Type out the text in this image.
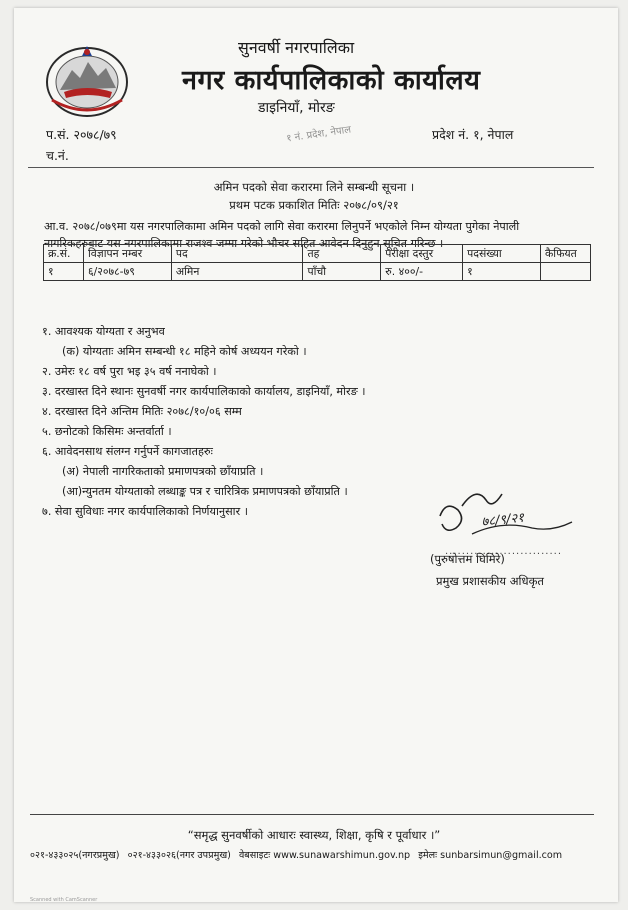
सुनवर्षी नगरपालिका
नगर कार्यपालिकाको कार्यालय
डाइनियाँ, मोरङ
१ नं. प्रदेश, नेपाल
प.सं. २०७८/७९
च.नं.
प्रदेश नं. १, नेपाल
अमिन पदको सेवा करारमा लिने सम्बन्धी सूचना ।
प्रथम पटक प्रकाशित मितिः २०७८/०९/२१
आ.व. २०७८/०७९मा यस नगरपालिकामा अमिन पदको लागि सेवा करारमा लिनुपर्ने भएकोले निम्न योग्यता पुगेका नेपाली
नागरिकहरुबाट यस नगरपालिकामा राजश्व जम्मा गरेको भौचर सहित आवेदन दिनुहुन सूचित गरिन्छ ।
क्र.सं.	विज्ञापन नम्बर	पद	तह	परीक्षा दस्तुर	पदसंख्या	कैफियत
१	६/२०७८-७९	अमिन	पाँचौ	रु. ४००/-	१	
१. आवश्यक योग्यता र अनुभव
(क) योग्यताः अमिन सम्बन्धी १८ महिने कोर्ष अध्ययन गरेको ।
२. उमेरः १८ वर्ष पुरा भइ ३५ वर्ष ननाघेको ।
३. दरखास्त दिने स्थानः सुनवर्षी नगर कार्यपालिकाको कार्यालय, डाइनियाँ, मोरङ ।
४. दरखास्त दिने अन्तिम मितिः २०७८/१०/०६ सम्म
५. छनोटको किसिमः अन्तर्वार्ता ।
६. आवेदनसाथ संलग्न गर्नुपर्ने कागजातहरुः
(अ) नेपाली नागरिकताको प्रमाणपत्रको छाँयाप्रति ।
(आ)न्युनतम योग्यताको लब्धाङ्क पत्र र चारित्रिक प्रमाणपत्रको छाँयाप्रति ।
७. सेवा सुविधाः नगर कार्यपालिकाको निर्णयानुसार ।	७८/९/२१
............................
(पुरुषोत्तम घिमिरे)
प्रमुख प्रशासकीय अधिकृत
“समृद्ध सुनवर्षीको आधारः स्वास्थ्य, शिक्षा, कृषि र पूर्वाधार ।”
०२१-४३३०२५(नगरप्रमुख) ०२१-४३३०२६(नगर उपप्रमुख) वेबसाइटः www.sunawarshimun.gov.np इमेलः sunbarsimun@gmail.com
Scanned with CamScanner
